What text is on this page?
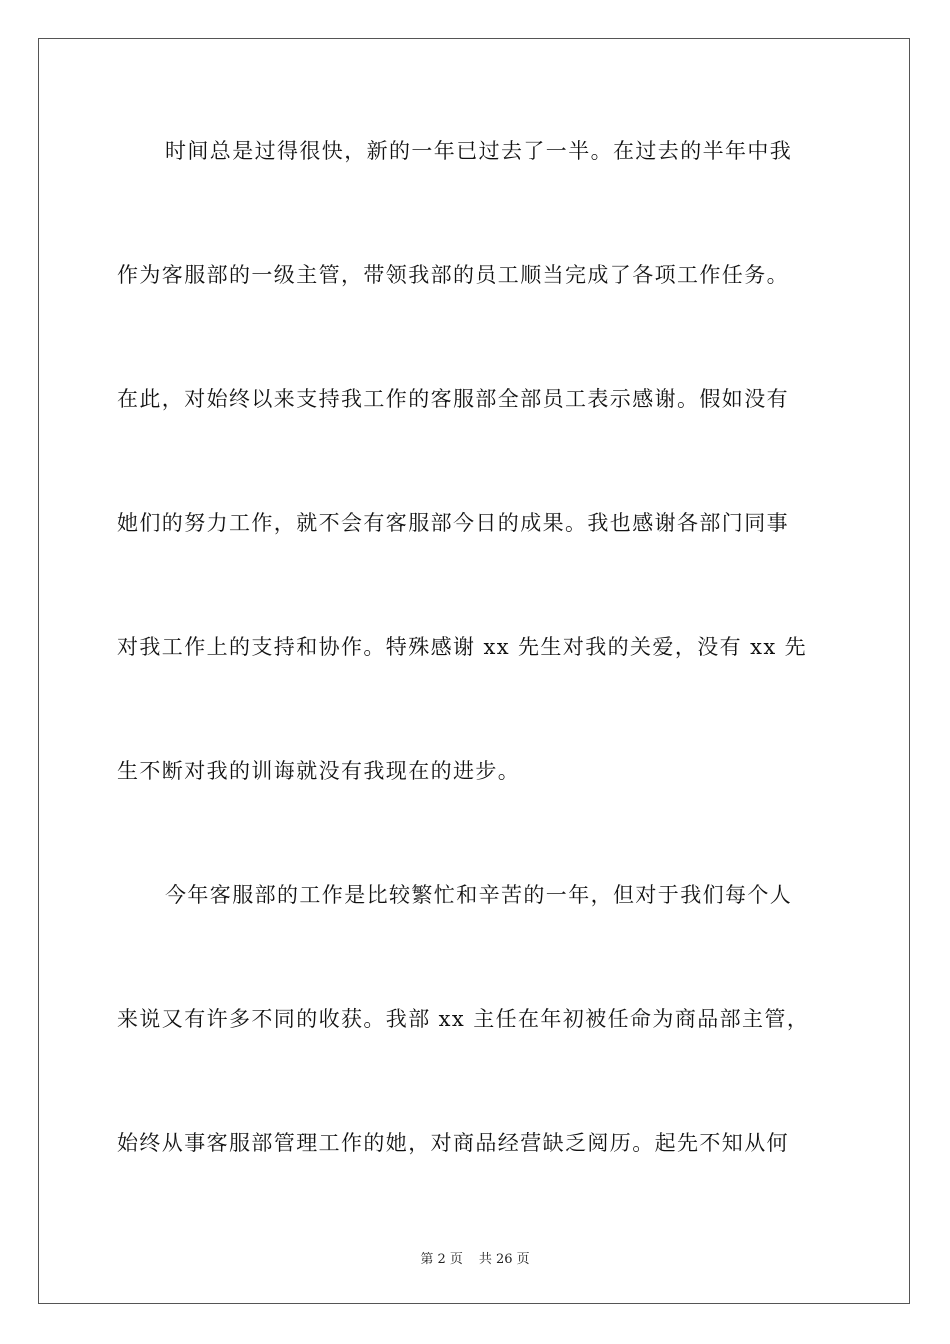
时间总是过得很快，新的一年已过去了一半。在过去的半年中我
作为客服部的一级主管，带领我部的员工顺当完成了各项工作任务。
在此，对始终以来支持我工作的客服部全部员工表示感谢。假如没有
她们的努力工作，就不会有客服部今日的成果。我也感谢各部门同事
对我工作上的支持和协作。特殊感谢 xx 先生对我的关爱，没有 xx 先
生不断对我的训诲就没有我现在的进步。
今年客服部的工作是比较繁忙和辛苦的一年，但对于我们每个人
来说又有许多不同的收获。我部 xx 主任在年初被任命为商品部主管，
始终从事客服部管理工作的她，对商品经营缺乏阅历。起先不知从何
第 2 页 共 26 页
